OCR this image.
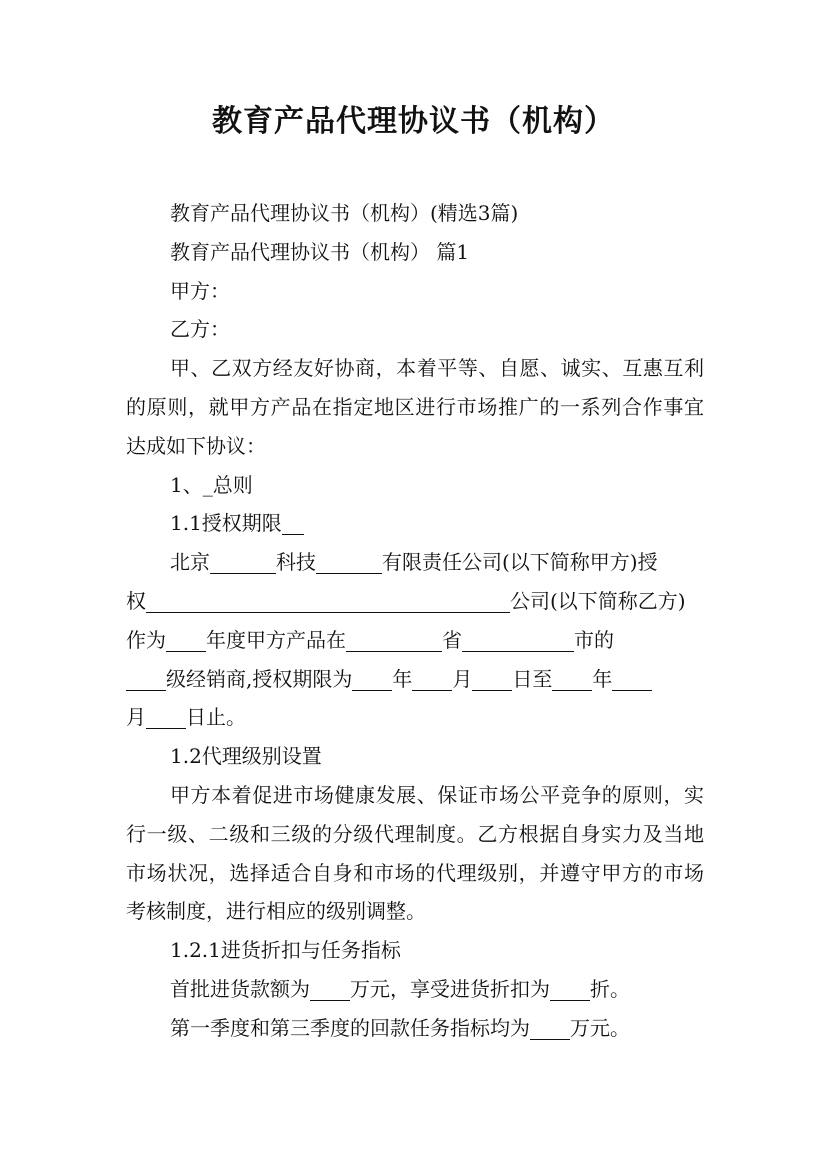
教育产品代理协议书（机构）

教育产品代理协议书（机构）(精选3篇)

教育产品代理协议书（机构） 篇1

甲方：

乙方：

甲、乙双方经友好协商，本着平等、自愿、诚实、互惠互利的原则，就甲方产品在指定地区进行市场推广的一系列合作事宜达成如下协议：

1、_总则

1.1授权期限

北京	科技	有限责任公司(以下简称甲方)授

权	公司(以下简称乙方)

作为 年度甲方产品在	省	市的

级经销商,授权期限为 年 月 日至 年

月 日止。

1.2代理级别设置

甲方本着促进市场健康发展、保证市场公平竞争的原则，实行一级、二级和三级的分级代理制度。乙方根据自身实力及当地市场状况，选择适合自身和市场的代理级别，并遵守甲方的市场考核制度，进行相应的级别调整。

1.2.1进货折扣与任务指标

首批进货款额为 万元，享受进货折扣为 折。

第一季度和第三季度的回款任务指标均为 万元。
